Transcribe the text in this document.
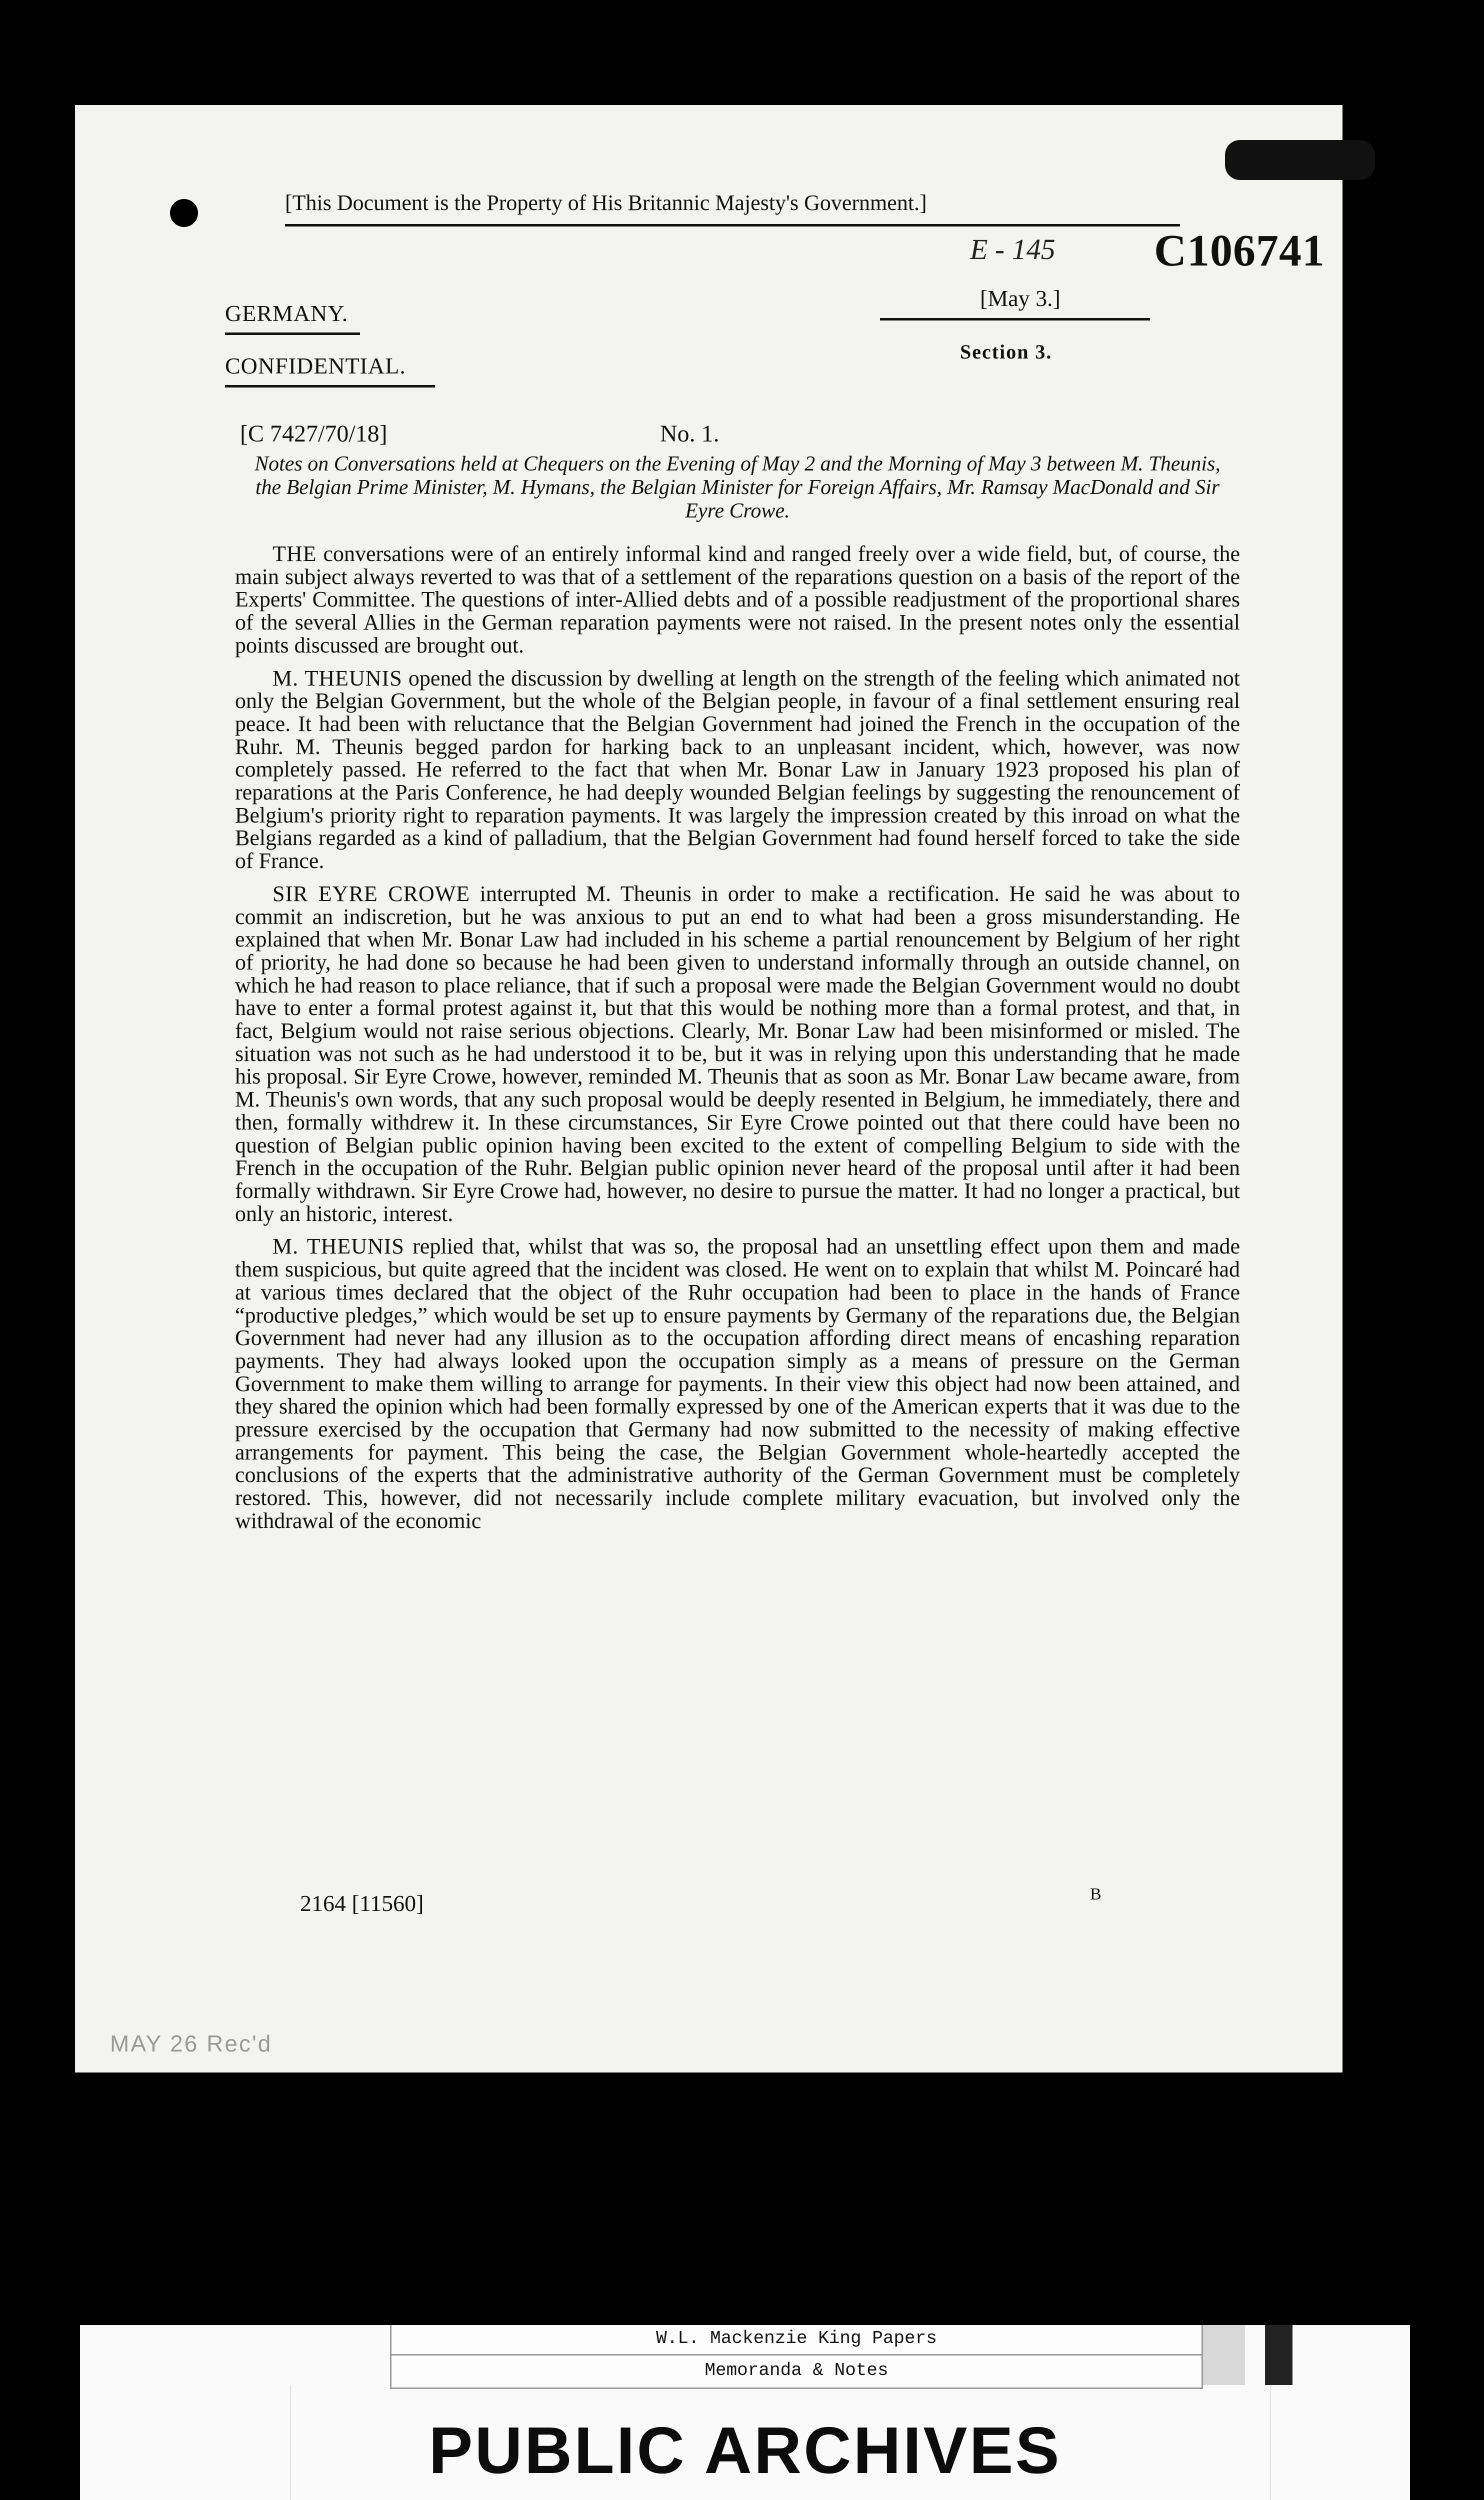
[This Document is the Property of His Britannic Majesty's Government.]
E - 145	C106741
GERMANY.
CONFIDENTIAL.
[May 3.]
Section 3.
[C 7427/70/18]	No. 1.
Notes on Conversations held at Chequers on the Evening of May 2 and the Morning of May 3 between M. Theunis, the Belgian Prime Minister, M. Hymans, the Belgian Minister for Foreign Affairs, Mr. Ramsay MacDonald and Sir Eyre Crowe.

THE conversations were of an entirely informal kind and ranged freely over a wide field, but, of course, the main subject always reverted to was that of a settlement of the reparations question on a basis of the report of the Experts' Committee. The questions of inter-Allied debts and of a possible readjustment of the proportional shares of the several Allies in the German reparation payments were not raised. In the present notes only the essential points discussed are brought out.

M. THEUNIS opened the discussion by dwelling at length on the strength of the feeling which animated not only the Belgian Government, but the whole of the Belgian people, in favour of a final settlement ensuring real peace. It had been with reluctance that the Belgian Government had joined the French in the occupation of the Ruhr. M. Theunis begged pardon for harking back to an unpleasant incident, which, however, was now completely passed. He referred to the fact that when Mr. Bonar Law in January 1923 proposed his plan of reparations at the Paris Conference, he had deeply wounded Belgian feelings by suggesting the renouncement of Belgium's priority right to reparation payments. It was largely the impression created by this inroad on what the Belgians regarded as a kind of palladium, that the Belgian Government had found herself forced to take the side of France.

SIR EYRE CROWE interrupted M. Theunis in order to make a rectification. He said he was about to commit an indiscretion, but he was anxious to put an end to what had been a gross misunderstanding. He explained that when Mr. Bonar Law had included in his scheme a partial renouncement by Belgium of her right of priority, he had done so because he had been given to understand informally through an outside channel, on which he had reason to place reliance, that if such a proposal were made the Belgian Government would no doubt have to enter a formal protest against it, but that this would be nothing more than a formal protest, and that, in fact, Belgium would not raise serious objections. Clearly, Mr. Bonar Law had been misinformed or misled. The situation was not such as he had understood it to be, but it was in relying upon this understanding that he made his proposal. Sir Eyre Crowe, however, reminded M. Theunis that as soon as Mr. Bonar Law became aware, from M. Theunis's own words, that any such proposal would be deeply resented in Belgium, he immediately, there and then, formally withdrew it. In these circumstances, Sir Eyre Crowe pointed out that there could have been no question of Belgian public opinion having been excited to the extent of compelling Belgium to side with the French in the occupation of the Ruhr. Belgian public opinion never heard of the proposal until after it had been formally withdrawn. Sir Eyre Crowe had, however, no desire to pursue the matter. It had no longer a practical, but only an historic, interest.

M. THEUNIS replied that, whilst that was so, the proposal had an unsettling effect upon them and made them suspicious, but quite agreed that the incident was closed. He went on to explain that whilst M. Poincaré had at various times declared that the object of the Ruhr occupation had been to place in the hands of France “productive pledges,” which would be set up to ensure payments by Germany of the reparations due, the Belgian Government had never had any illusion as to the occupation affording direct means of encashing reparation payments. They had always looked upon the occupation simply as a means of pressure on the German Government to make them willing to arrange for payments. In their view this object had now been attained, and they shared the opinion which had been formally expressed by one of the American experts that it was due to the pressure exercised by the occupation that Germany had now submitted to the necessity of making effective arrangements for payment. This being the case, the Belgian Government whole-heartedly accepted the conclusions of the experts that the administrative authority of the German Government must be completely restored. This, however, did not necessarily include complete military evacuation, but involved only the withdrawal of the economic

2164 [11560]	B
MAY 26 Rec'd
W.L. Mackenzie King Papers
Memoranda & Notes
PUBLIC ARCHIVES
